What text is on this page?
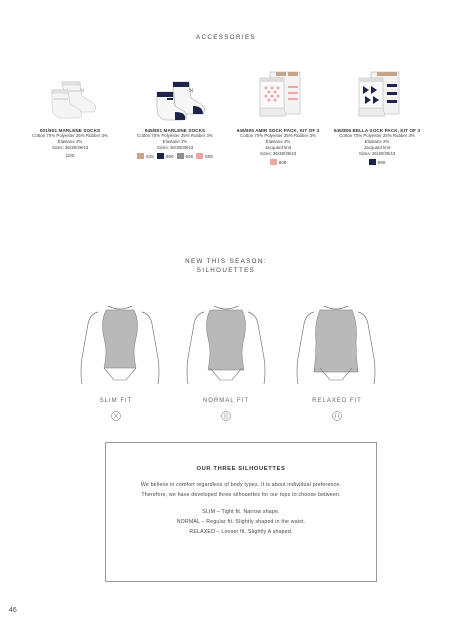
ACCESSORIES
N
001/801 MARLENE SOCKS
Cotton 70% Polyester 25% Rubber 3%
Elastane 2%
Sizes: 36/38/39/43
|100
N
945/801 MARLENE SOCKS
Cotton 70% Polyester 25% Rubber 3%
Elastane 2%
Sizes: 36/38/39/43
525	590	605	808
945/805 AMIR SOCK PACK, KIT OF 3
Cotton 70% Polyester 25% Rubber 3%
Elastane 2%
Jacquard knit
Sizes: 36/38/39/43
808
945/806 BELLA SOCK PACK, KIT OF 3
Cotton 70% Polyester 25% Rubber 3%
Elastane 2%
Jacquard knit
Sizes: 36/38/39/43
590
NEW THIS SEASON:
SILHOUETTES
SLIM FIT	NORMAL FIT	RELAXED FIT
OUR THREE SILHOUETTES
We believe in comfort regardless of body types. It is about individual preference.
Therefore, we have developed three silhouettes for our tops to choose between.
SLIM – Tight fit. Narrow shape.
NORMAL – Regular fit. Slightly shaped in the waist.
RELAXED – Looser fit. Slightly A shaped.
46
